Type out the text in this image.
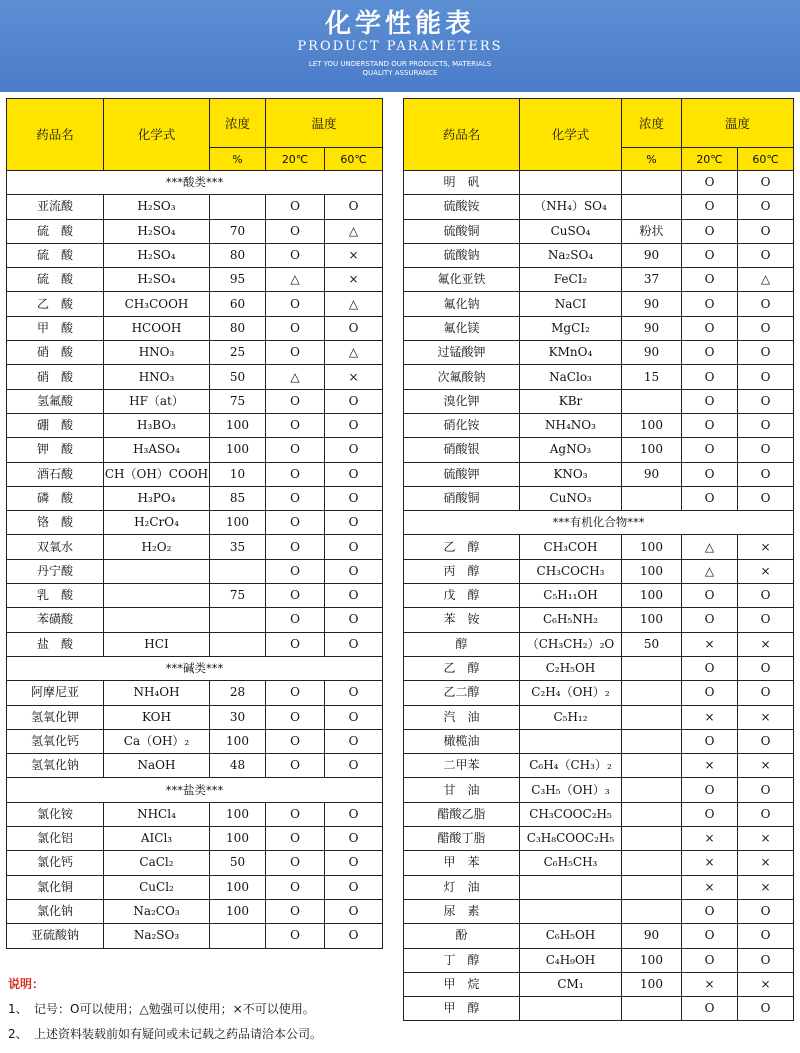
化学性能表
PRODUCT PARAMETERS
LET YOU UNDERSTAND OUR PRODUCTS, MATERIALS
QUALITY ASSURANCE
药品名	化学式	浓度	温度	
		%	20℃	60℃
***酸类***				
亚流酸	H₂SO₃		O	O
硫　酸	H₂SO₄	70	O	△
硫　酸	H₂SO₄	80	O	×
硫　酸	H₂SO₄	95	△	×
乙　酸	CH₃COOH	60	O	△
甲　酸	HCOOH	80	O	O
硝　酸	HNO₃	25	O	△
硝　酸	HNO₃	50	△	×
氢氟酸	HF（at）	75	O	O
硼　酸	H₃BO₃	100	O	O
钾　酸	H₃ASO₄	100	O	O
酒石酸	CH（OH）COOH	10	O	O
磷　酸	H₃PO₄	85	O	O
铬　酸	H₂CrO₄	100	O	O
双氧水	H₂O₂	35	O	O
丹宁酸			O	O
乳　酸		75	O	O
苯磺酸			O	O
盐　酸	HCI		O	O
***碱类***				
阿摩尼亚	NH₄OH	28	O	O
氢氧化钾	KOH	30	O	O
氢氧化钙	Ca（OH）₂	100	O	O
氢氧化钠	NaOH	48	O	O
***盐类***				
氯化铵	NHCl₄	100	O	O
氯化铝	AICl₃	100	O	O
氯化钙	CaCl₂	50	O	O
氯化铜	CuCl₂	100	O	O
氯化钠	Na₂CO₃	100	O	O
亚硫酸钠	Na₂SO₃		O	O
药品名	化学式	浓度	温度	
		%	20℃	60℃
明　矾			O	O
硫酸铵	（NH₄）SO₄		O	O
硫酸铜	CuSO₄	粉状	O	O
硫酸钠	Na₂SO₄	90	O	O
氟化亚铁	FeCI₂	37	O	△
氟化钠	NaCI	90	O	O
氟化镁	MgCI₂	90	O	O
过锰酸钾	KMnO₄	90	O	O
次氟酸钠	NaClo₃	15	O	O
溴化钾	KBr		O	O
硝化铵	NH₄NO₃	100	O	O
硝酸银	AgNO₃	100	O	O
硫酸钾	KNO₃	90	O	O
硝酸铜	CuNO₃		O	O
***有机化合物***				
乙　醇	CH₃COH	100	△	×
丙　醇	CH₃COCH₃	100	△	×
戊　醇	C₅H₁₁OH	100	O	O
苯　铵	C₆H₅NH₂	100	O	O
醇	（CH₃CH₂）₂O	50	×	×
乙　醇	C₂H₅OH		O	O
乙二醇	C₂H₄（OH）₂		O	O
汽　油	C₅H₁₂		×	×
橄榄油			O	O
二甲苯	C₆H₄（CH₃）₂		×	×
甘　油	C₃H₅（OH）₃		O	O
醋酸乙脂	CH₃COOC₂H₅		O	O
醋酸丁脂	C₃H₈COOC₂H₅		×	×
甲　苯	C₆H₅CH₃		×	×
灯　油			×	×
尿　素			O	O
酚	C₆H₅OH	90	O	O
丁　醇	C₄H₉OH	100	O	O
甲　烷	CM₁	100	×	×
甲　醇			O	O
说明：
1、 记号：O可以使用；△勉强可以使用；×不可以使用。
2、 上述资料装载前如有疑问或未记载之药品请洽本公司。
